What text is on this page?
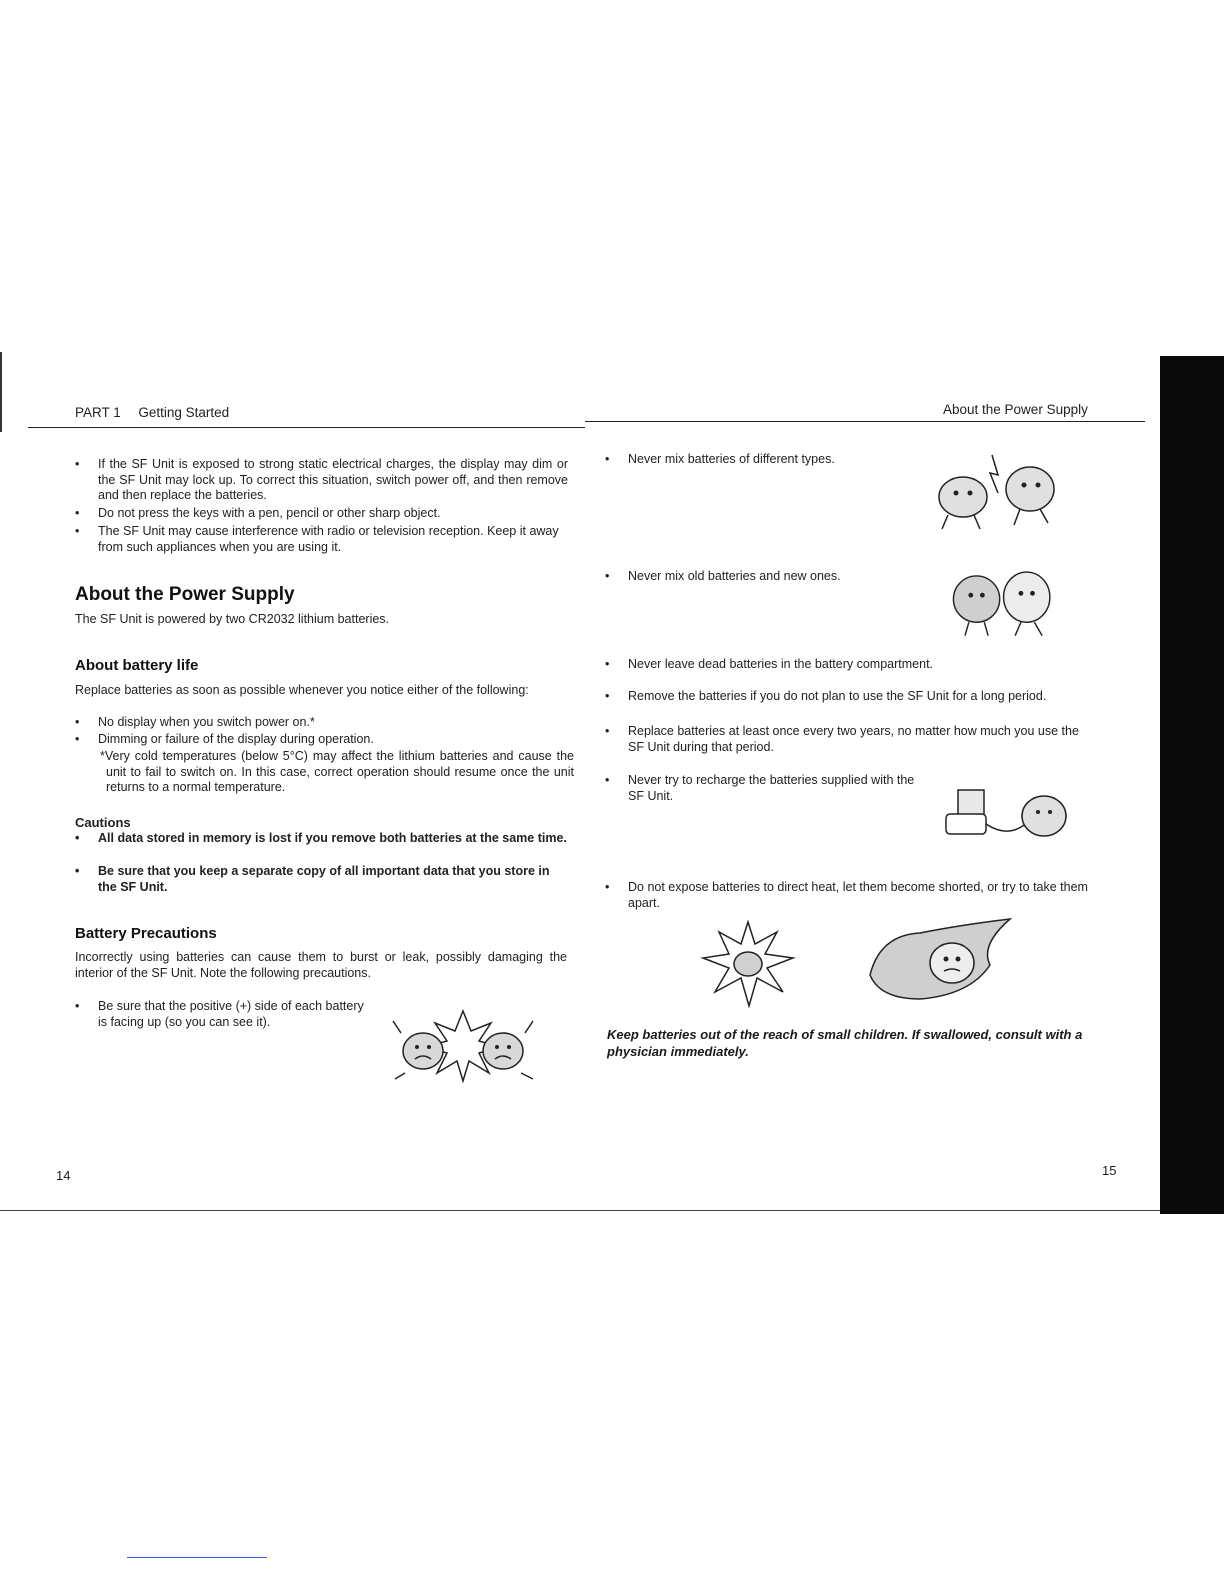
PART 1 Getting Started	About the Power Supply
• If the SF Unit is exposed to strong static electrical charges, the display may dim or the SF Unit may lock up. To correct this situation, switch power off, and then remove and then replace the batteries.
• Do not press the keys with a pen, pencil or other sharp object.
• The SF Unit may cause interference with radio or television reception. Keep it away from such appliances when you are using it.
About the Power Supply
The SF Unit is powered by two CR2032 lithium batteries.
About battery life
Replace batteries as soon as possible whenever you notice either of the following:
• No display when you switch power on.*
• Dimming or failure of the display during operation.
*Very cold temperatures (below 5°C) may affect the lithium batteries and cause the unit to fail to switch on. In this case, correct operation should resume once the unit returns to a normal temperature.
Cautions
• All data stored in memory is lost if you remove both batteries at the same time.
• Be sure that you keep a separate copy of all important data that you store in the SF Unit.
Battery Precautions
Incorrectly using batteries can cause them to burst or leak, possibly damaging the interior of the SF Unit. Note the following precautions.
• Be sure that the positive (+) side of each battery is facing up (so you can see it).
14
• Never mix batteries of different types.
• Never mix old batteries and new ones.
• Never leave dead batteries in the battery compartment.
• Remove the batteries if you do not plan to use the SF Unit for a long period.
• Replace batteries at least once every two years, no matter how much you use the SF Unit during that period.
• Never try to recharge the batteries supplied with the SF Unit.
• Do not expose batteries to direct heat, let them become shorted, or try to take them apart.
Keep batteries out of the reach of small children. If swallowed, consult with a physician immediately.
15
